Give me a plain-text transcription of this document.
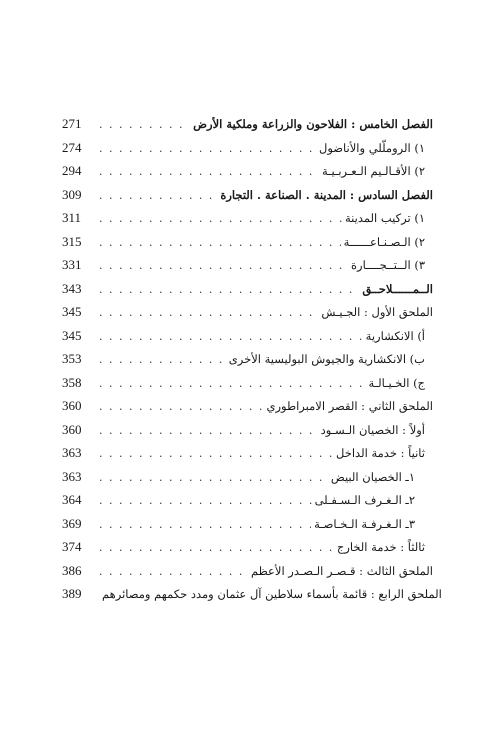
271 . . .	الفصل الخامس : الفلاحون والزراعة وملكية الأرض
274 . . .	١) الروملّلي والأناضول
294 . . .	٢) الأقـالـيم الـعـربـيـة
309 . . .	الفصل السادس : المدينة . الصناعة . التجارة
311 . . .	١) تركيب المدينة
315 . . .	٢) الـصـنـاعــــــة
331 . . .	٣) الــتــجــــارة
343 . . .	الــمــــــلاحــق
345 . . .	الملحق الأول : الجـيـش
345 . . .	أ) الانكشارية
353 . . .	ب) الانكشارية والجيوش البوليسية الأخرى
358 . . .	ج) الخـيـالـة
360 . . .	الملحق الثاني : القصر الامبراطوري
360 . . .	أولاً : الخصيان الـسـود
363 . . .	ثانياً : خدمة الداخل
363 . . .	١ـ الخصيان البيض
364 . . .	٢ـ الـغـرف الـسـفـلى
369 . . .	٣ـ الـغـرفـة الـخـاصـة
374 . . .	ثالثاً : خدمة الخارج
386 . . .	الملحق الثالث : قـصـر الـصـدر الأعظم
389	الملحق الرابع : قائمة بأسماء سلاطين آل عثمان ومدد حكمهم ومصائرهم
